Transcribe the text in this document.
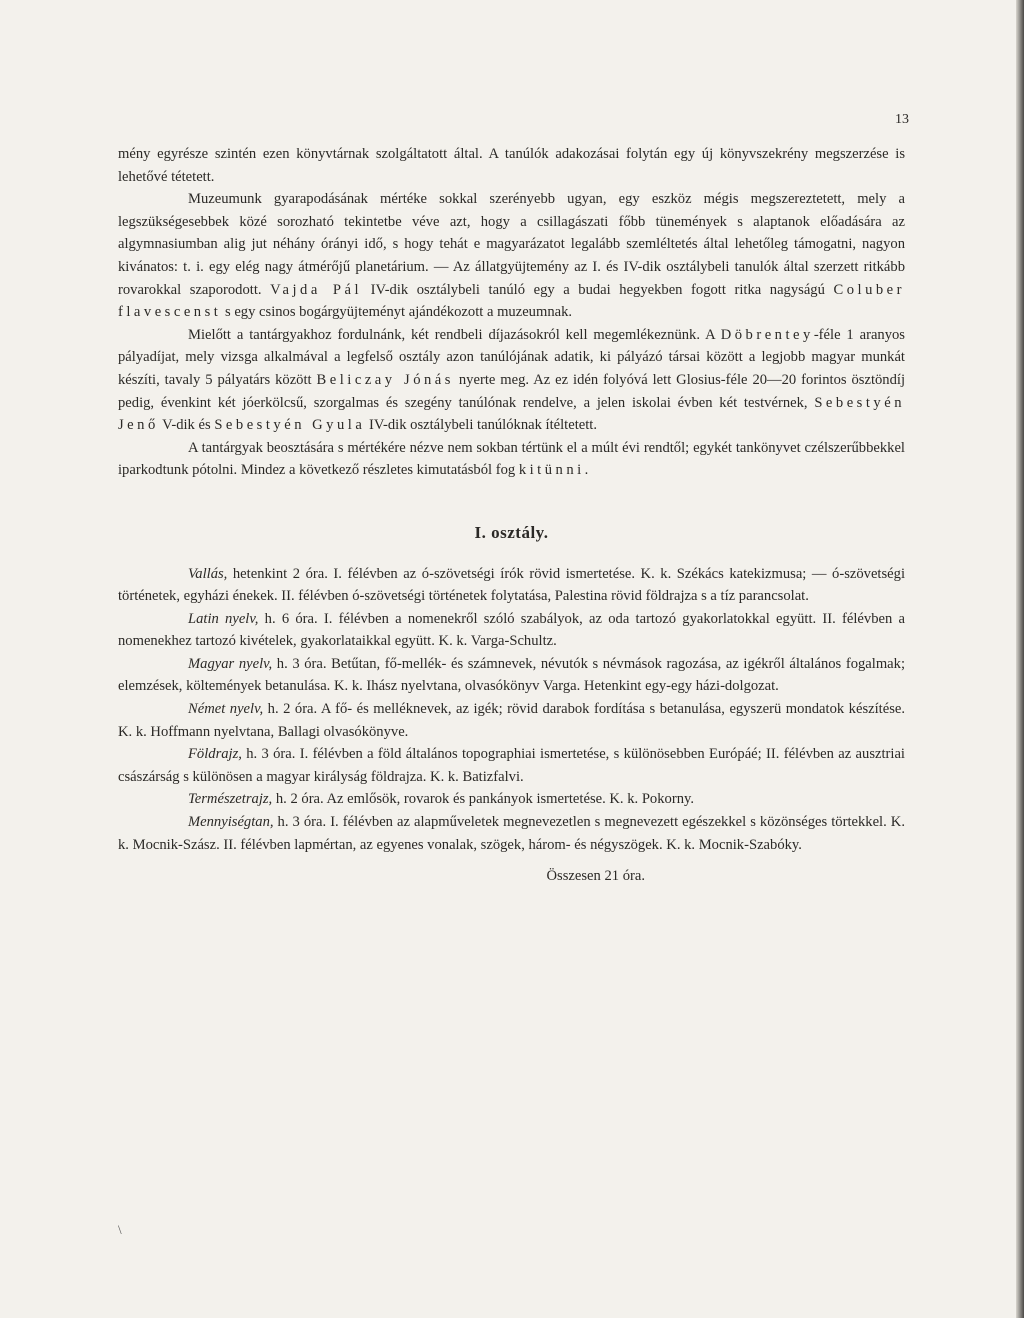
13

mény egyrésze szintén ezen könyvtárnak szolgáltatott által. A tanúlók adakozásai folytán egy új könyvszekrény megszerzése is lehetővé tétetett.

Muzeumunk gyarapodásának mértéke sokkal szerényebb ugyan, egy eszköz mégis megszereztetett, mely a legszükségesebbek közé sorozható tekintetbe véve azt, hogy a csillagászati főbb tünemények s alaptanok előadására az algymnasiumban alig jut néhány órányi idő, s hogy tehát e magyarázatot legalább szemléltetés által lehetőleg támogatni, nagyon kivánatos: t. i. egy elég nagy átmérőjű planetárium. — Az állatgyüjtemény az I. és IV-dik osztálybeli tanulók által szerzett ritkább rovarokkal szaporodott. Vajda Pál IV-dik osztálybeli tanúló egy a budai hegyekben fogott ritka nagyságú Coluber flavescenst s egy csinos bogárgyüjteményt ajándékozott a muzeumnak.

Mielőtt a tantárgyakhoz fordulnánk, két rendbeli díjazásokról kell megemlékeznünk. A Döbrentey-féle 1 aranyos pályadíjat, mely vizsga alkalmával a legfelső osztály azon tanúlójának adatik, ki pályázó társai között a legjobb magyar munkát készíti, tavaly 5 pályatárs között Beliczay Jónás nyerte meg. Az ez idén folyóvá lett Glosius-féle 20—20 forintos ösztöndíj pedig, évenkint két jóerkölcsű, szorgalmas és szegény tanúlónak rendelve, a jelen iskolai évben két testvérnek, Sebestyén Jenő V-dik és Sebestyén Gyula IV-dik osztálybeli tanúlóknak ítéltetett.

A tantárgyak beosztására s mértékére nézve nem sokban tértünk el a múlt évi rendtől; egykét tankönyvet czélszerűbbekkel iparkodtunk pótolni. Mindez a következő részletes kimutatásból fog kitünni.

I. osztály.

Vallás, hetenkint 2 óra. I. félévben az ó-szövetségi írók rövid ismertetése. K. k. Székács katekizmusa; — ó-szövetségi történetek, egyházi énekek. II. félévben ó-szövetségi történetek folytatása, Palestina rövid földrajza s a tíz parancsolat.

Latin nyelv, h. 6 óra. I. félévben a nomenekről szóló szabályok, az oda tartozó gyakorlatokkal együtt. II. félévben a nomenekhez tartozó kivételek, gyakorlataikkal együtt. K. k. Varga-Schultz.

Magyar nyelv, h. 3 óra. Betűtan, fő-mellék- és számnevek, névutók s névmások ragozása, az igékről általános fogalmak; elemzések, költemények betanulása. K. k. Ihász nyelvtana, olvasókönyv Varga. Hetenkint egy-egy házi-dolgozat.

Német nyelv, h. 2 óra. A fő- és melléknevek, az igék; rövid darabok fordítása s betanulása, egyszerü mondatok készítése. K. k. Hoffmann nyelvtana, Ballagi olvasókönyve.

Földrajz, h. 3 óra. I. félévben a föld általános topographiai ismertetése, s különösebben Európáé; II. félévben az ausztriai császárság s különösen a magyar királyság földrajza. K. k. Batizfalvi.

Természetrajz, h. 2 óra. Az emlősök, rovarok és pankányok ismertetése. K. k. Pokorny.

Mennyiségtan, h. 3 óra. I. félévben az alapműveletek megnevezetlen s megnevezett egészekkel s közönséges törtekkel. K. k. Mocnik-Szász. II. félévben lapmértan, az egyenes vonalak, szögek, három- és négyszögek. K. k. Mocnik-Szabóky.

Összesen 21 óra.
\
